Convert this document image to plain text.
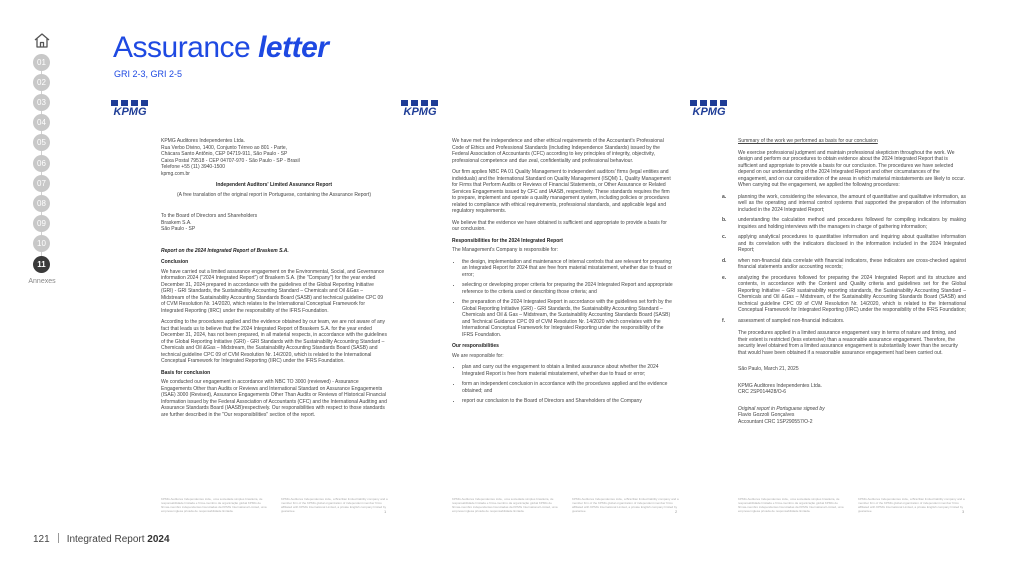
01
02
03
04
05
06
07
08
09
10
11
Annexes
Assurance letter
GRI 2-3, GRI 2-5
KPMG	KPMG	KPMG
KPMG Auditores Independentes Ltda.
Rua Verbo Divino, 1400, Conjunto Térreo ao 801 - Parte,
Chácara Santo Antônio, CEP 04719-911, São Paulo - SP
Caixa Postal 79518 - CEP 04707-970 - São Paulo - SP - Brasil
Telefone +55 (11) 3940-1500
kpmg.com.br

Independent Auditors' Limited Assurance Report

(A free translation of the original report in Portuguese, containing the Assurance Report)

To the Board of Directors and Shareholders
Braskem S.A.
São Paulo - SP

Report on the 2024 Integrated Report of Braskem S.A.

Conclusion

We have carried out a limited assurance engagement on the Environmental, Social, and Governance information 2024 ("2024 Integrated Report") of Braskem S.A. (the "Company") for the year ended December 31, 2024 prepared in accordance with the guidelines of the Global Reporting Initiative (GRI) - GRI Standards, the Sustainability Accounting Standard – Chemicals and Oil &Gas – Midstream of the Sustainability Accounting Standards Board (SASB) and technical guideline CPC 09 of CVM Resolution Nr. 14/2020, which relates to the International Conceptual Framework for Integrated Reporting (IIRC) under the responsibility of the IFRS Foundation.

According to the procedures applied and the evidence obtained by our team, we are not aware of any fact that leads us to believe that the 2024 Integrated Report of Braskem S.A. for the year ended December 31, 2024, has not been prepared, in all material respects, in accordance with the guidelines of the Global Reporting Initiative (GRI) - GRI Standards with the Sustainability Accounting Standard – Chemicals and Oil &Gas – Midstream, the Sustainability Accounting Standards Board (SASB) and technical guideline CPC 09 of CVM Resolution Nr. 14/2020, which is related to the International Conceptual Framework for Integrated Reporting (IIRC) under the IFRS Foundation.

Basis for conclusion

We conducted our engagement in accordance with NBC TO 3000 (reviewed) - Assurance Engagements Other than Audits or Reviews and International Standard on Assurance Engagements (ISAE) 3000 (Revised), Assurance Engagements Other Than Audits or Reviews of Historical Financial Information issued by the Federal Association of Accountants (CFC) and the International Auditing and Assurance Standards Board (IAASB)respectively. Our responsibilities with respect to those standards are further described in the "Our responsibilities" section of the report.

KPMG Auditores Independentes Ltda., uma sociedade simples brasileira, de responsabilidade limitada e firma-membro da organização global KPMG de firmas-membro independentes licenciadas da KPMG International Limited, uma empresa inglesa privada de responsabilidade limitada.
KPMG Auditores Independentes Ltda., a Brazilian limited liability company and a member firm of the KPMG global organization of independent member firms affiliated with KPMG International Limited, a private English company limited by guarantee.	1

We have met the independence and other ethical requirements of the Accountant's Professional Code of Ethics and Professional Standards (including Independence Standards) issued by the Federal Association of Accountants (CFC) according to key principles of integrity, objectivity, professional competence and due zeal, confidentiality and professional behaviour.

Our firm applies NBC PA 01 Quality Management to independent auditors' firms (legal entities and individuals) and the International Standard on Quality Management (ISQM) 1, Quality Management for Firms that Perform Audits or Reviews of Financial Statements, or Other Assurance or Related Services Engagements issued by CFC and IAASB, respectively. These standards requires the firm to prepare, implement and operate a quality management system, including policies or procedures related to compliance with ethical requirements, professional standards, and applicable legal and regulatory requirements.

We believe that the evidence we have obtained is sufficient and appropriate to provide a basis for our conclusion.

Responsibilities for the 2024 Integrated Report

The Management's Company is responsible for:

• the design, implementation and maintenance of internal controls that are relevant for preparing an Integrated Report for 2024 that are free from material misstatement, whether due to fraud or error;
• selecting or developing proper criteria for preparing the 2024 Integrated Report and appropriate reference to the criteria used or describing those criteria; and
• the preparation of the 2024 Integrated Report in accordance with the guidelines set forth by the Global Reporting Initiative (GRI) - GRI Standards, the Sustainability Accounting Standard – Chemicals and Oil & Gas – Midstream, the Sustainability Accounting Standards Board (SASB) and Technical Guidance CPC 09 of CVM Resolution Nr. 14/2020 which correlates with the International Conceptual Framework for Integrated Reporting under the responsibility of the IFRS Foundation.

Our responsibilities

We are responsible for:

• plan and carry out the engagement to obtain a limited assurance about whether the 2024 Integrated Report is free from material misstatement, whether due to fraud or error;
• form an independent conclusion in accordance with the procedures applied and the evidence obtained; and
• report our conclusion to the Board of Directors and Shareholders of the Company
KPMG Auditores Independentes Ltda., uma sociedade simples brasileira, de responsabilidade limitada e firma-membro da organização global KPMG de firmas-membro independentes licenciadas da KPMG International Limited, uma empresa inglesa privada de responsabilidade limitada.
KPMG Auditores Independentes Ltda., a Brazilian limited liability company and a member firm of the KPMG global organization of independent member firms affiliated with KPMG International Limited, a private English company limited by guarantee.	2

Summary of the work we performed as basis for our conclusion

We exercise professional judgment and maintain professional skepticism throughout the work. We design and perform our procedures to obtain evidence about the 2024 Integrated Report that is sufficient and appropriate to provide a basis for our conclusion. The procedures we have selected depend on our understanding of the 2024 Integrated Report and other circumstances of the engagement, and on our consideration of the areas in which material misstatements are likely to occur. When carrying out the engagement, we applied the following procedures:

a.	planning the work, considering the relevance, the amount of quantitative and qualitative information, as well as the operating and internal control systems that supported the preparation of the information included in the 2024 Integrated Report;
b.	understanding the calculation method and procedures followed for compiling indicators by making inquiries and holding interviews with the managers in charge of gathering information;
c.	applying analytical procedures to quantitative information and inquiring about qualitative information and its correlation with the indicators disclosed in the information included in the 2024 Integrated Report;
d.	when non-financial data correlate with financial indicators, these indicators are cross-checked against financial statements and/or accounting records;
e.	analyzing the procedures followed for preparing the 2024 Integrated Report and its structure and contents, in accordance with the Content and Quality criteria and guidelines set for the Global Reporting Initiative – GRI sustainability reporting standards, the Sustainability Accounting Standard – Chemicals and Oil &Gas – Midstream, of the Sustainability Accounting Standards Board (SASB) and technical guideline CPC 09 of CVM Resolution Nr. 14/2020, which is related to the International Conceptual Framework for Integrated Reporting (IIRC) under the responsibility of the IFRS Foundation;
f.	assessment of sampled non-financial indicators.

The procedures applied in a limited assurance engagement vary in terms of nature and timing, and their extent is restricted (less extensive) than a reasonable assurance engagement. Therefore, the security level obtained from a limited assurance engagement is substantially lower than the security that would have been obtained if a reasonable assurance engagement had been carried out.

São Paulo, March 21, 2025

KPMG Auditores Independentes Ltda.
CRC 2SP014428/O-6
Original report in Portuguese signed by
Flavio Gozzoli Gonçalves
Accountant CRC 1SP290557/O-2
KPMG Auditores Independentes Ltda., uma sociedade simples brasileira, de responsabilidade limitada e firma-membro da organização global KPMG de firmas-membro independentes licenciadas da KPMG International Limited, uma empresa inglesa privada de responsabilidade limitada.
KPMG Auditores Independentes Ltda., a Brazilian limited liability company and a member firm of the KPMG global organization of independent member firms affiliated with KPMG International Limited, a private English company limited by guarantee.	3
121 Integrated Report 2024
